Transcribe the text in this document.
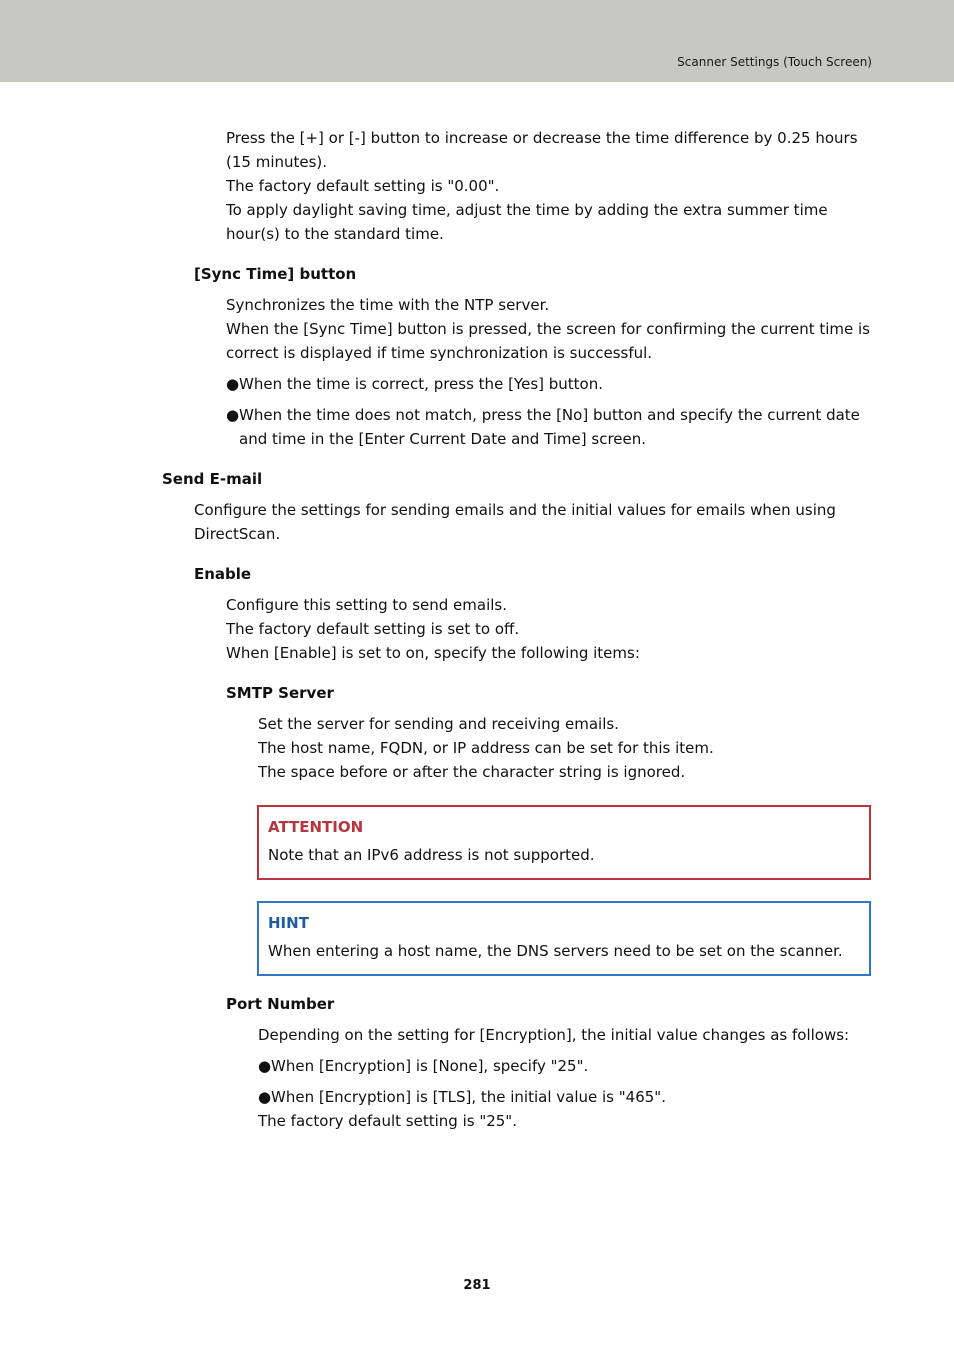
Scanner Settings (Touch Screen)

Press the [+] or [-] button to increase or decrease the time difference by 0.25 hours (15 minutes).

The factory default setting is "0.00".

To apply daylight saving time, adjust the time by adding the extra summer time hour(s) to the standard time.

[Sync Time] button

Synchronizes the time with the NTP server.

When the [Sync Time] button is pressed, the screen for confirming the current time is correct is displayed if time synchronization is successful.

● When the time is correct, press the [Yes] button.
● When the time does not match, press the [No] button and specify the current date and time in the [Enter Current Date and Time] screen.
Send E-mail

Configure the settings for sending emails and the initial values for emails when using DirectScan.

Enable

Configure this setting to send emails.

The factory default setting is set to off.

When [Enable] is set to on, specify the following items:

SMTP Server

Set the server for sending and receiving emails.

The host name, FQDN, or IP address can be set for this item.

The space before or after the character string is ignored.

ATTENTION
Note that an IPv6 address is not supported.
HINT
When entering a host name, the DNS servers need to be set on the scanner.
Port Number

Depending on the setting for [Encryption], the initial value changes as follows:

● When [Encryption] is [None], specify "25".
● When [Encryption] is [TLS], the initial value is "465".

The factory default setting is "25".

281
